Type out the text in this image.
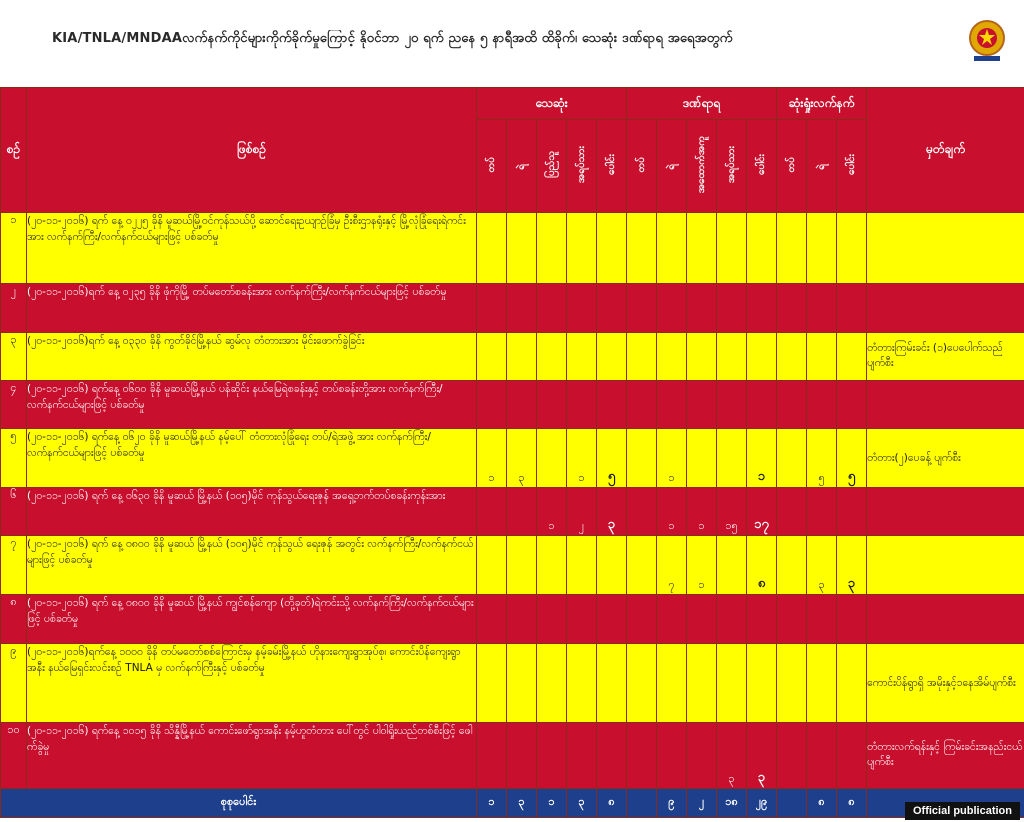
KIA/TNLA/MNDAAလက်နက်ကိုင်များကိုက်ခိုက်မှုကြောင့် နိုဝင်ဘာ ၂၀ ရက် ညနေ ၅ နာရီအထိ ထိခိုက်၊ သေဆုံး ဒဏ်ရာရ အရေအတွက်
စဥ်	ဖြစ်စဥ်	သေဆုံး					ဒဏ်ရာရ					ဆုံးရှုံးလက်နက်			မှတ်ချက်
		တပ်	ရဲ	ပြည်သူ	အရပ်သား	ပေါင်း	တပ်	ရဲ	အထောက်အကူ	အရပ်သား	ပေါင်း	တပ်	ရဲ	ပေါင်း	
၁	(၂၀-၁၁-၂၀၁၆) ရက် နေ့ ၀၂၂၅ ခိုနိ မူဆယ်မြို့ဝင်ကုန်သယ်ပို့ ဆောင်ရေးဥယျာဉ်ခြံမှ ဦးစီးဌာနရုံးနှင့် မြို့လုံခြုံရေးရဲကင်းအား လက်နက်ကြီး/လက်နက်ငယ်များဖြင့် ပစ်ခတ်မှု														

၂	(၂၀-၁၁-၂၀၁၆)ရက် နေ့ ၀၂၃၅ ခိုနိ ဖုံကိုမြို့ တပ်မတော်စခန်းအား လက်နက်ကြီး/လက်နက်ငယ်များဖြင့် ပစ်ခတ်မှု														

၃	(၂၀-၁၁-၂၀၁၆)ရက် နေ့ ၀၃၃၀ ခိုနိ ကွတ်ခိုင်မြို့နယ် ဆွမ်လု တံတားအား မိုင်းဖောက်ခွဲခြင်း														တံတားကြမ်းခင်း (၁)ပေပေါက်သည်ပျက်စီး
၄	(၂၀-၁၁-၂၀၁၆) ရက်နေ့ ၀၆၀၀ ခိုနိ မူဆယ်မြို့နယ် ပန်ဆိုင်း နယ်မြေရဲစခန်းနှင့် တပ်စခန်းတို့အား လက်နက်ကြီး/လက်နက်ငယ်များဖြင့် ပစ်ခတ်မှု														

၅	(၂၀-၁၁-၂၀၁၆) ရက်နေ့ ၀၆၂၀ ခိုနိ မူဆယ်မြို့နယ် နမ့်ပေါ် တံတားလုံခြုံရေး တပ်/ရဲအဖွဲ့ အား လက်နက်ကြီး/လက်နက်ငယ်များဖြင့် ပစ်ခတ်မှု	၁	၃		၁	၅		၁			၁		၅	၅	တံတား(၂)ပေခန့် ပျက်စီး
၆	(၂၀-၁၁-၂၀၁၆) ရက် နေ့ ၀၆၃၀ ခိုနိ မူဆယ် မြို့နယ် (၁၀၅)မိုင် ကုန်သွယ်ရေးဇုန် အရှေ့ဘက်တပ်စခန်းကုန်းအား			၁	၂	၃		၁	၁	၁၅	၁၇				
၇	(၂၀-၁၁-၂၀၁၆) ရက် နေ့ ၀၈၀၀ ခိုနိ မူဆယ် မြို့နယ် (၁၀၅)မိုင် ကုန်သွယ် ရေးဇုန် အတွင်း လက်နက်ကြီး/လက်နက်ငယ်များဖြင့် ပစ်ခတ်မှု							၇	၁		၈		၃	၃	
၈	(၂၀-၁၁-၂၀၁၆) ရက် နေ့ ၀၈၀၀ ခိုနိ မူဆယ် မြို့နယ် ကျွင်စန်ကျော (တို့ခုတ်)ရဲကင်းသို့ လက်နက်ကြီး/လက်နက်ငယ်များဖြင့် ပစ်ခတ်မှု														

၉	(၂၀-၁၁-၂၀၁၆)ရက်နေ့ ၁၀၀၀ ခိုနိ တပ်မတော်စစ်ကြောင်းမှ နမ့်ခမ်းမြို့နယ် ဟိုနားကျေးရွာအုပ်စု၊ ကောင်းပိန်ကျေးရွာအနီး နယ်မြေရှင်းလင်းစဥ် TNLA မှ လက်နက်ကြီးနှင့် ပစ်ခတ်မှု														ကောင်းပိန်ရွာရှိ အမိုးနှင့်၁နေအိမ်ပျက်စီး
၁၀	(၂၀-၁၁-၂၀၁၆) ရက်နေ့ ၁၀၁၅ ခိုနိ သိန္နီမြို့နယ် ကောင်းဖော်ရွာအနီး နမ့်ဟူတံတား ပေါ်တွင် ပါဝါရှိုးယည်တစ်စီးဖြင့် ဖေါက်ခွဲမှု									၃	၃				တံတားလက်ရန်းနှင့် ကြမ်းခင်းအနည်းငယ်ပျက်စီး
စုစုပေါင်း		၁	၃	၁	၃	၈		၉	၂	၁၈	၂၉		၈	၈	
Official publication
